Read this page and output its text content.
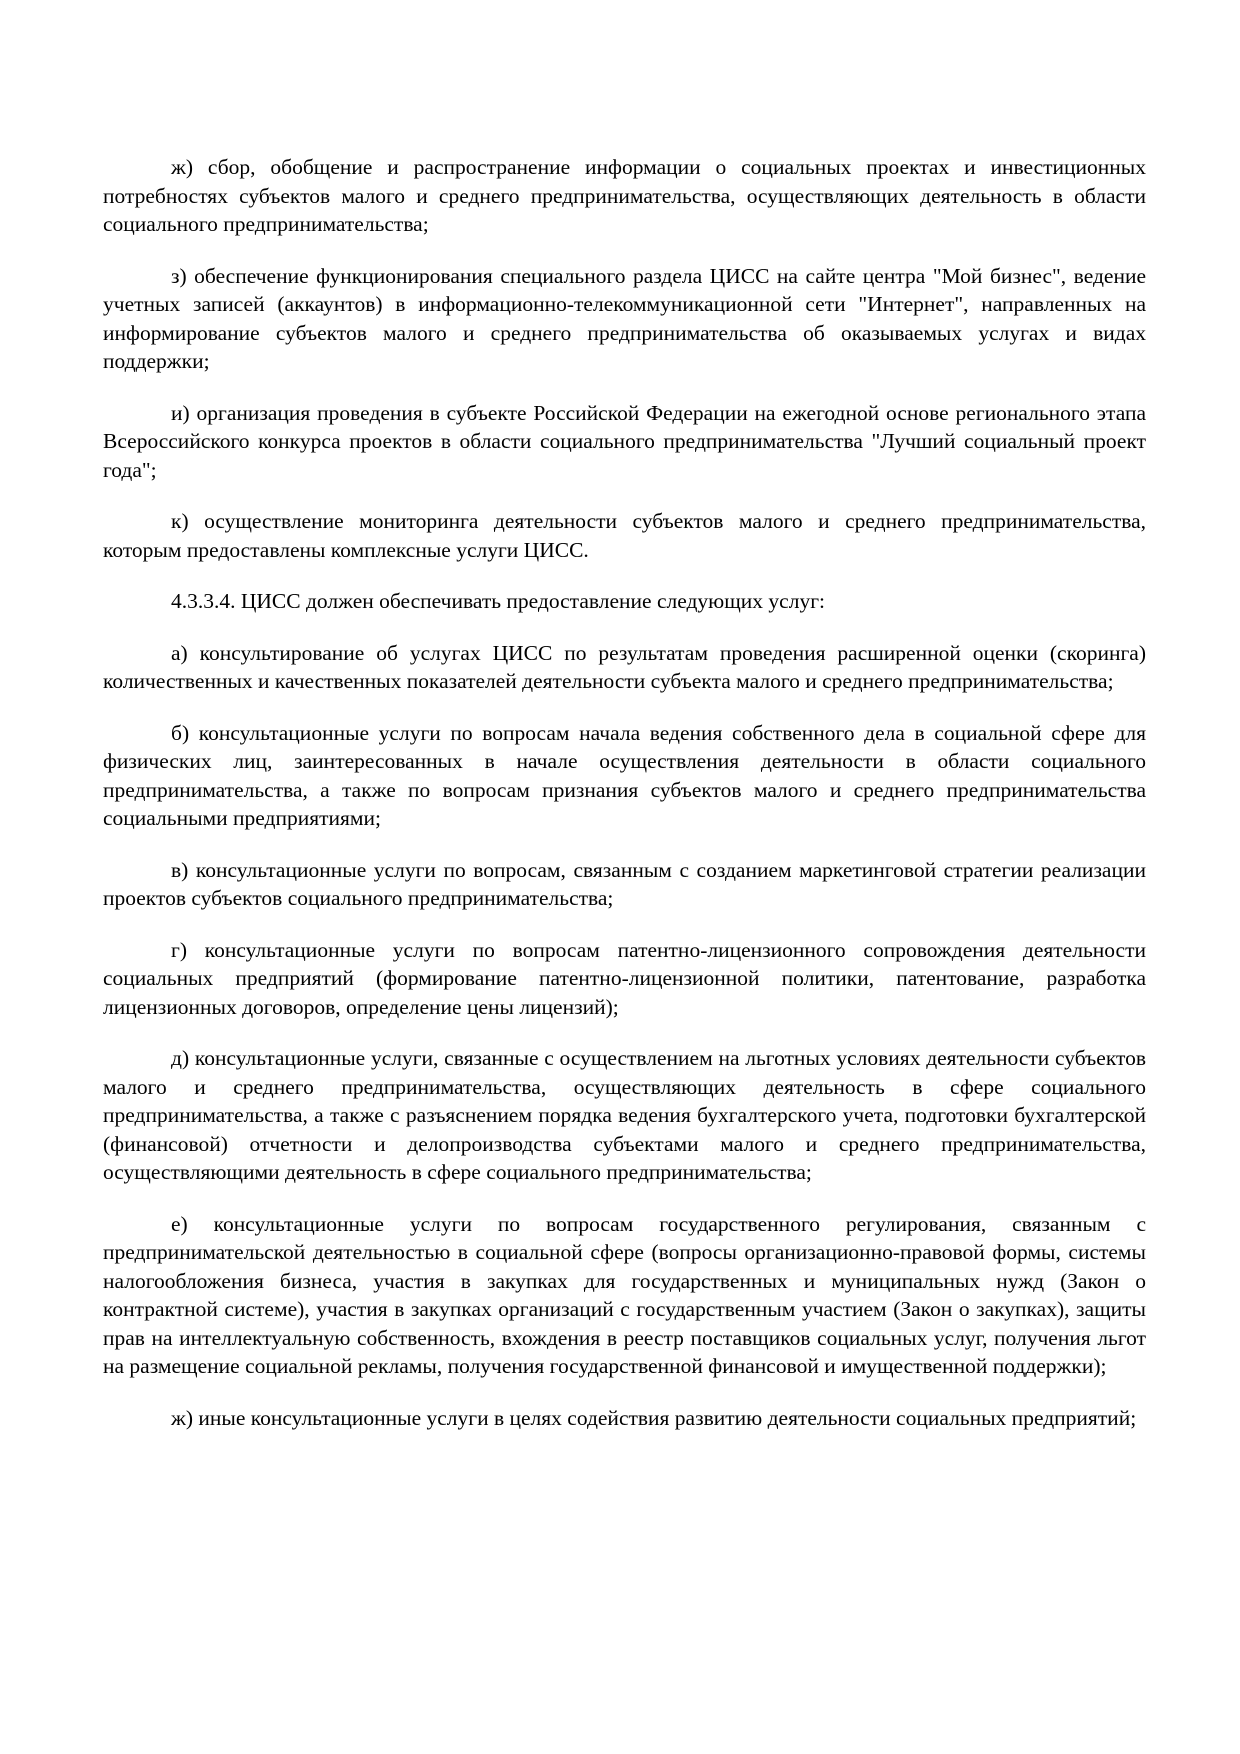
ж) сбор, обобщение и распространение информации о социальных проектах и инвестиционных потребностях субъектов малого и среднего предпринимательства, осуществляющих деятельность в области социального предпринимательства;

з) обеспечение функционирования специального раздела ЦИСС на сайте центра "Мой бизнес", ведение учетных записей (аккаунтов) в информационно-телекоммуникационной сети "Интернет", направленных на информирование субъектов малого и среднего предпринимательства об оказываемых услугах и видах поддержки;

и) организация проведения в субъекте Российской Федерации на ежегодной основе регионального этапа Всероссийского конкурса проектов в области социального предпринимательства "Лучший социальный проект года";

к) осуществление мониторинга деятельности субъектов малого и среднего предпринимательства, которым предоставлены комплексные услуги ЦИСС.

4.3.3.4. ЦИСС должен обеспечивать предоставление следующих услуг:

а) консультирование об услугах ЦИСС по результатам проведения расширенной оценки (скоринга) количественных и качественных показателей деятельности субъекта малого и среднего предпринимательства;

б) консультационные услуги по вопросам начала ведения собственного дела в социальной сфере для физических лиц, заинтересованных в начале осуществления деятельности в области социального предпринимательства, а также по вопросам признания субъектов малого и среднего предпринимательства социальными предприятиями;

в) консультационные услуги по вопросам, связанным с созданием маркетинговой стратегии реализации проектов субъектов социального предпринимательства;

г) консультационные услуги по вопросам патентно-лицензионного сопровождения деятельности социальных предприятий (формирование патентно-лицензионной политики, патентование, разработка лицензионных договоров, определение цены лицензий);

д) консультационные услуги, связанные с осуществлением на льготных условиях деятельности субъектов малого и среднего предпринимательства, осуществляющих деятельность в сфере социального предпринимательства, а также с разъяснением порядка ведения бухгалтерского учета, подготовки бухгалтерской (финансовой) отчетности и делопроизводства субъектами малого и среднего предпринимательства, осуществляющими деятельность в сфере социального предпринимательства;

е) консультационные услуги по вопросам государственного регулирования, связанным с предпринимательской деятельностью в социальной сфере (вопросы организационно-правовой формы, системы налогообложения бизнеса, участия в закупках для государственных и муниципальных нужд (Закон о контрактной системе), участия в закупках организаций с государственным участием (Закон о закупках), защиты прав на интеллектуальную собственность, вхождения в реестр поставщиков социальных услуг, получения льгот на размещение социальной рекламы, получения государственной финансовой и имущественной поддержки);

ж) иные консультационные услуги в целях содействия развитию деятельности социальных предприятий;
